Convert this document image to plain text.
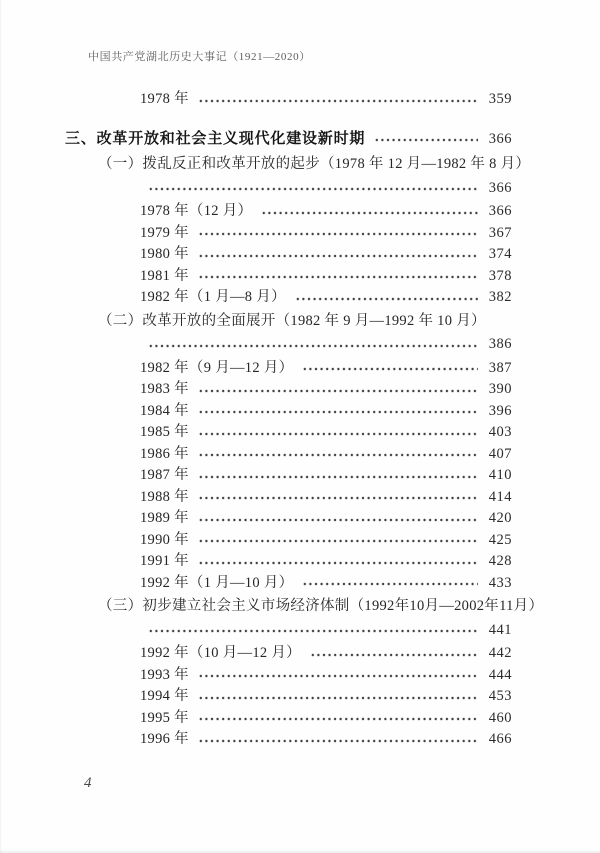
中国共产党湖北历史大事记（1921—2020）
1978 年	359
三、改革开放和社会主义现代化建设新时期	366
（一）拨乱反正和改革开放的起步（1978 年 12 月—1982 年 8 月）
366
1978 年（12 月）	366
1979 年	367
1980 年	374
1981 年	378
1982 年（1 月—8 月）	382
（二）改革开放的全面展开（1982 年 9 月—1992 年 10 月）
386
1982 年（9 月—12 月）	387
1983 年	390
1984 年	396
1985 年	403
1986 年	407
1987 年	410
1988 年	414
1989 年	420
1990 年	425
1991 年	428
1992 年（1 月—10 月）	433
（三）初步建立社会主义市场经济体制（1992年10月—2002年11月）
441
1992 年（10 月—12 月）	442
1993 年	444
1994 年	453
1995 年	460
1996 年	466
4
